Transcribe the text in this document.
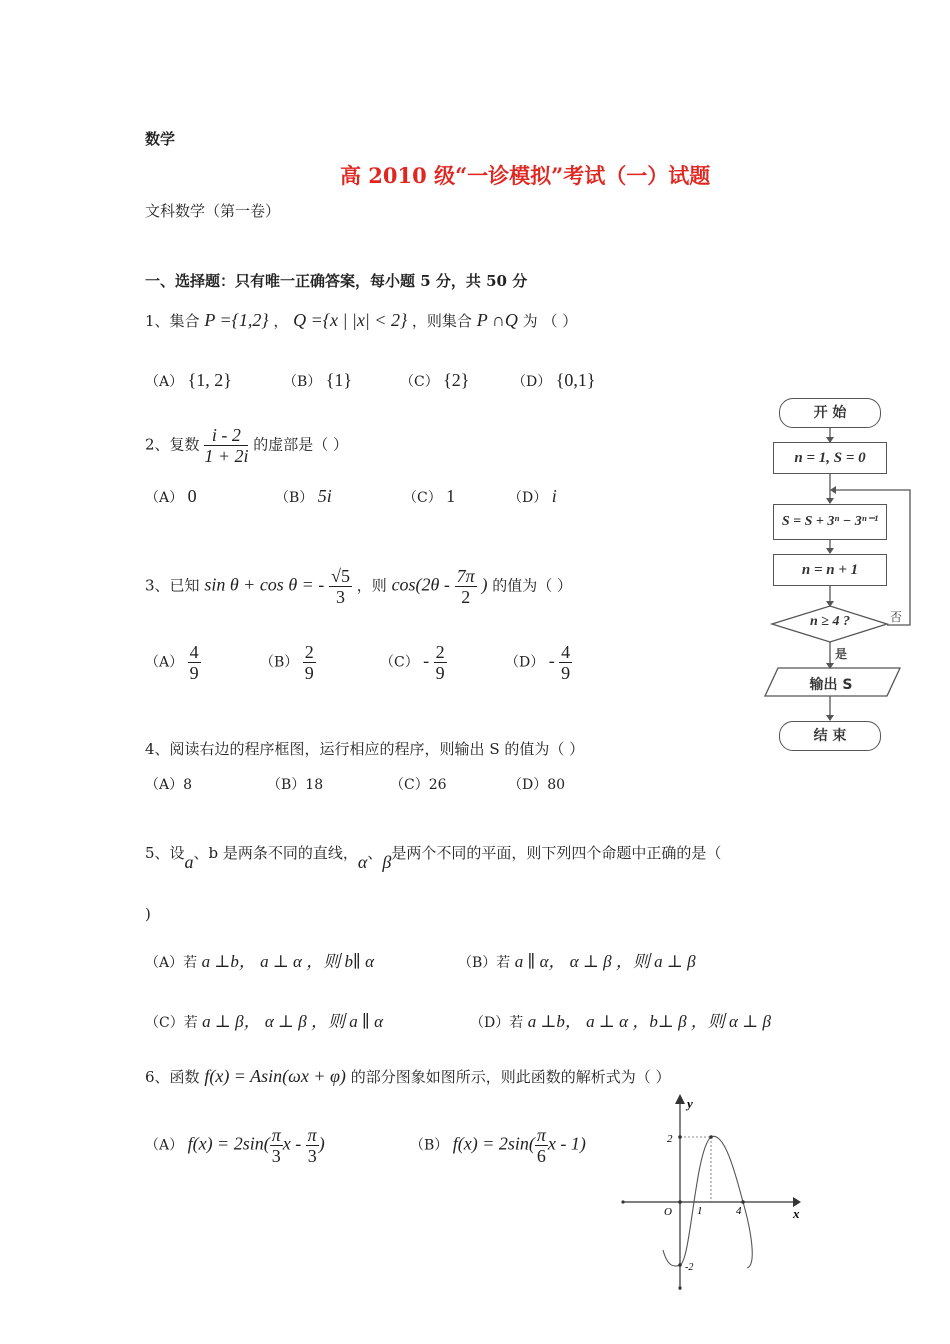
数学
高 2010 级“一诊模拟”考试（一）试题
文科数学（第一卷）
一、选择题：只有唯一正确答案，每小题 5 分，共 50 分
1、集合 P ={1,2} ， Q ={x | |x| < 2} ，则集合 P ∩Q 为 （ ）
（A） {1, 2}	（B） {1}	（C） {2}	（D） {0,1}
2、复数 $\frac{i - 2}{1 + 2i}$ 的虚部是（ ）
（A） 0	（B） 5i	（C） 1	（D） i
3、已知 sin θ + cos θ = - $\frac{√5}{3}$ ，则 $\cos(2\theta - \frac{7\pi}{2}$ ) 的值为（ ）
$(A) \frac{4}{9}$	$(B) \frac{2}{9}$	$(C) - \frac{2}{9}$	$(D) - \frac{4}{9}$
4、阅读右边的程序框图，运行相应的程序，则输出 S 的值为（ ）
（A）8	（B）18	（C）26	（D）80
开 始
n = 1, S = 0
S = S + 3ⁿ − 3ⁿ⁻¹
n = n + 1
n ≥ 4 ?	否
是
输出 S
结 束
5、设a、b 是两条不同的直线，α、β是两个不同的平面，则下列四个命题中正确的是（
)
（A）若 a ⊥b， a ⊥ α ，则 b∥ α	（B）若 a ∥ α， α ⊥ β ，则 a ⊥ β
（C）若 a ⊥ β， α ⊥ β ，则 a ∥ α	（D）若 a ⊥b， a ⊥ α ，b⊥ β ，则 α ⊥ β
6、函数 f(x) = Asin(ωx + φ) 的部分图象如图所示，则此函数的解析式为（ ）
（A） $f(x) = 2\sin( \frac{\pi}{3}$ x - $\frac{\pi}{3}$ )	（B） $f(x) = 2\sin( \frac{\pi}{6}$ x - 1)
y
x
O
2
-2
1	4
